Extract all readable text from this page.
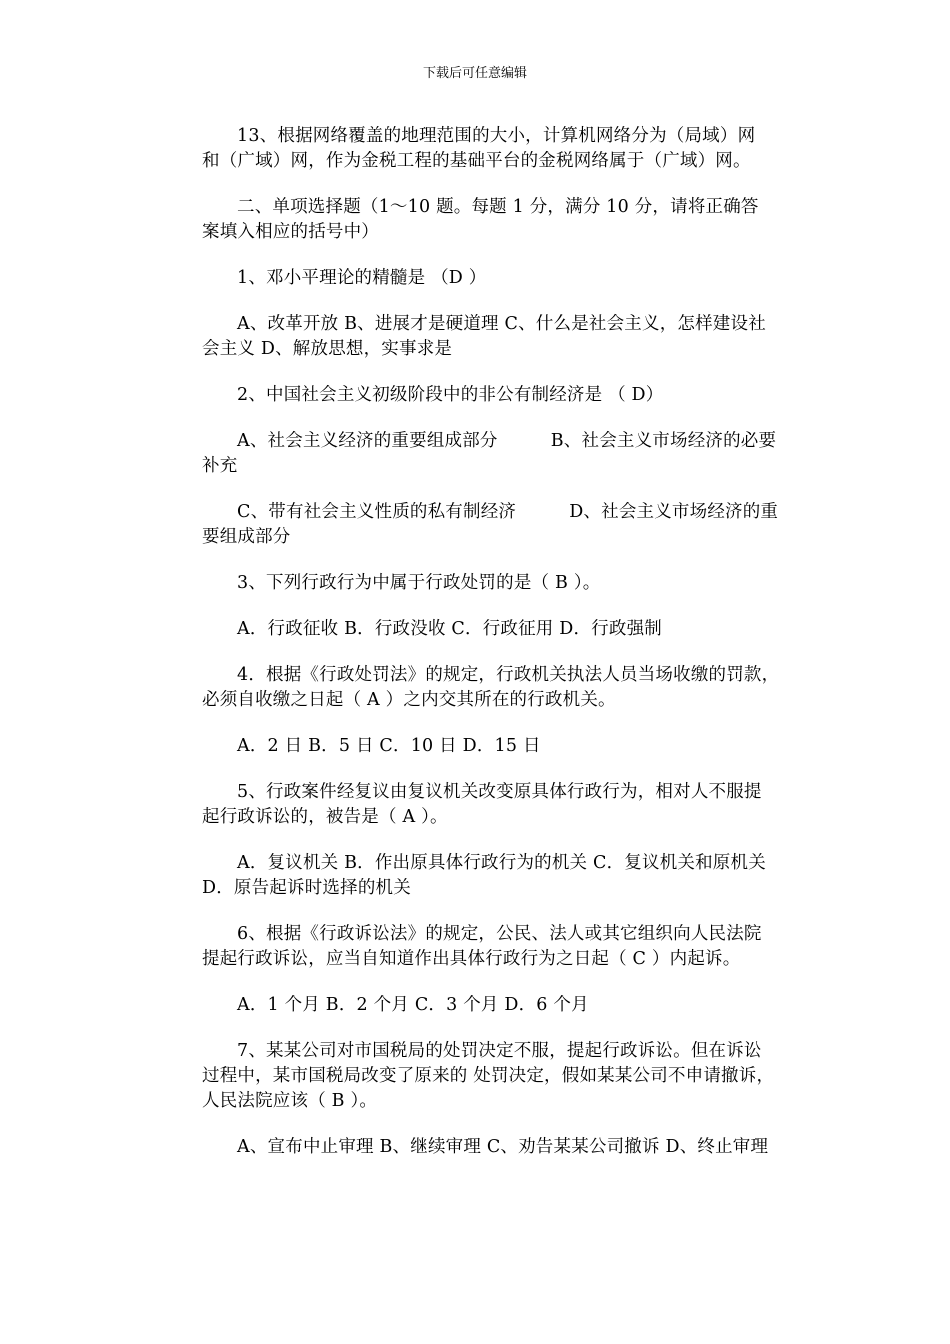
下载后可任意编辑
13、根据网络覆盖的地理范围的大小，计算机网络分为（局域）网
和（广域）网，作为金税工程的基础平台的金税网络属于（广域）网。
二、单项选择题（1～10 题。每题 1 分，满分 10 分，请将正确答
案填入相应的括号中）
1、邓小平理论的精髓是 （D ）
A、改革开放 B、进展才是硬道理 C、什么是社会主义，怎样建设社
会主义 D、解放思想，实事求是
2、中国社会主义初级阶段中的非公有制经济是 （ D）
A、社会主义经济的重要组成部分　　　B、社会主义市场经济的必要
补充
C、带有社会主义性质的私有制经济　　　D、社会主义市场经济的重
要组成部分
3、下列行政行为中属于行政处罚的是（ B ）。
A．行政征收 B．行政没收 C．行政征用 D．行政强制
4．根据《行政处罚法》的规定，行政机关执法人员当场收缴的罚款，
必须自收缴之日起（ A ）之内交其所在的行政机关。
A．2 日 B．5 日 C．10 日 D．15 日
5、行政案件经复议由复议机关改变原具体行政行为，相对人不服提
起行政诉讼的，被告是（ A ）。
A．复议机关 B．作出原具体行政行为的机关 C．复议机关和原机关
D．原告起诉时选择的机关
6、根据《行政诉讼法》的规定，公民、法人或其它组织向人民法院
提起行政诉讼，应当自知道作出具体行政行为之日起（ C ）内起诉。
A．1 个月 B．2 个月 C．3 个月 D．6 个月
7、某某公司对市国税局的处罚决定不服，提起行政诉讼。但在诉讼
过程中，某市国税局改变了原来的 处罚决定，假如某某公司不申请撤诉，
人民法院应该（ B ）。
A、宣布中止审理 B、继续审理 C、劝告某某公司撤诉 D、终止审理
